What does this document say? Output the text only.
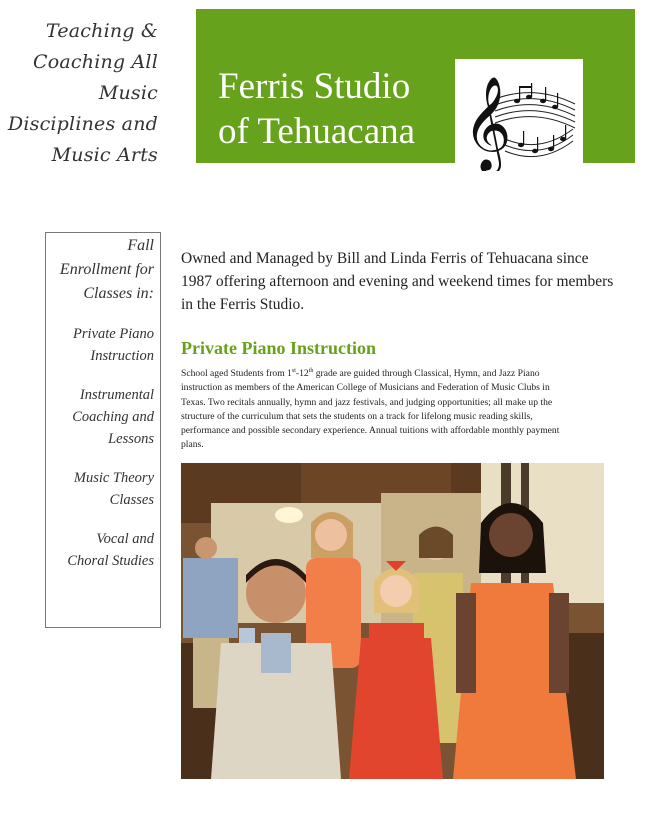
Teaching &
Coaching All
Music
Disciplines and
Music Arts
Ferris Studio
of Tehuacana 𝄞
Fall
Enrollment for
Classes in:
Private Piano
Instruction
Instrumental
Coaching and
Lessons
Music Theory
Classes
Vocal and
Choral Studies
Owned and Managed by Bill and Linda Ferris of Tehuacana since
1987 offering afternoon and evening and weekend times for members
in the Ferris Studio.
Private Piano Instruction
School aged Students from 1st-12th grade are guided through Classical, Hymn, and Jazz Piano
instruction as members of the American College of Musicians and Federation of Music Clubs in
Texas. Two recitals annually, hymn and jazz festivals, and judging opportunities; all make up the
structure of the curriculum that sets the students on a track for lifelong music reading skills,
performance and possible secondary experience. Annual tuitions with affordable monthly payment
plans.
